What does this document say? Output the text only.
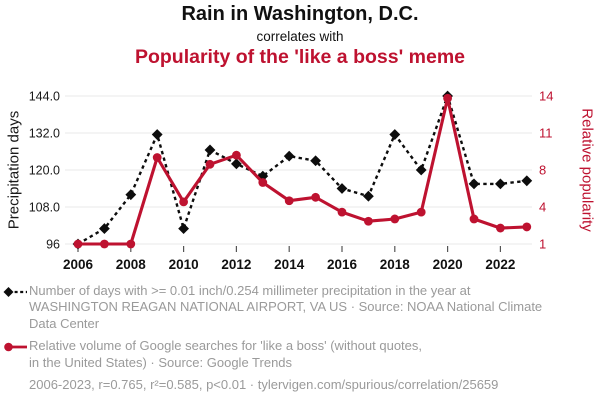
Rain in Washington, D.C.
correlates with
Popularity of the 'like a boss' meme
96	1
108.0	4
120.0	8
132.0	11
144.0	14
2006 2008 2010 2012 2014 2016 2018 2020 2022
Precipitation days	Relative popularity
Number of days with >= 0.01 inch/0.254 millimeter precipitation in the year at
WASHINGTON REAGAN NATIONAL AIRPORT, VA US · Source: NOAA National Climate
Data Center
Relative volume of Google searches for 'like a boss' (without quotes,
in the United States) · Source: Google Trends
2006-2023, r=0.765, r²=0.585, p<0.01 · tylervigen.com/spurious/correlation/25659
